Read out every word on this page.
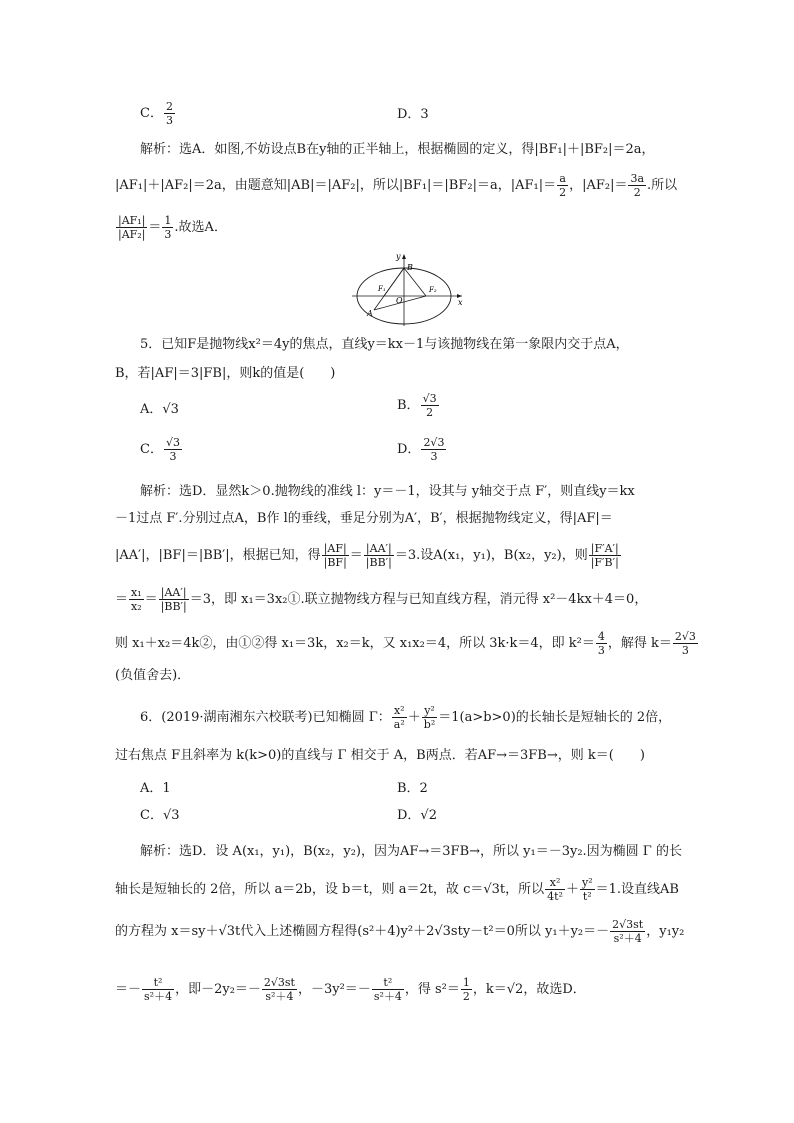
C． $\frac{2}{3}$	D．3
解析：选A．如图,不妨设点B在y轴的正半轴上，根据椭圆的定义，得|BF₁|＋|BF₂|＝2a，
|AF₁|＋|AF₂|＝2a，由题意知|AB|＝|AF₂|，所以|BF₁|＝|BF₂|＝a，$|AF_1|= \frac{a}{2}$ ，$|AF_2|= \frac{3a}{2}$ .所以
$\frac{\text{|AF₁|}}{\text{|AF₂|}} = \frac{1}{3}$ .故选A．
y
x
B
F₁	F₂
O
A
5．已知F是抛物线x²＝4y的焦点，直线y＝kx－1与该抛物线在第一象限内交于点A，
B，若|AF|＝3|FB|，则k的值是(　　)
A．√3	B． $\frac{√3}{2}$
C． $\frac{√3}{3}$	D． $\frac{2√3}{3}$
解析：选D．显然k＞0.抛物线的准线 l：y＝－1，设其与 y轴交于点 F′，则直线y＝kx
－1过点 F′.分别过点A，B作 l的垂线，垂足分别为A′，B′，根据抛物线定义，得|AF|＝
|AA′|，|BF|＝|BB′|，根据已知，得 $\frac{|AF|}{|BF|} = \frac{|AA'|}{|BB'|} =3$.设A(x₁，y₁)，B(x₂，y₂)，则 $\frac{|F'A'|}{|F'B'|}$
＝ $\frac{\text{x₁}}{\text{x₂}} = \frac{|AA'|}{|BB'|} =3$，即 x₁＝3x₂①.联立抛物线方程与已知直线方程，消元得 x²－4kx＋4＝0，
则 x₁＋x₂＝4k②，由①②得 x₁＝3k，x₂＝k，又 x₁x₂＝4，所以 3k·k＝4，即 $k^2= \frac{4}{3}$ ，解得 $k= \frac{2√3}{3}$
(负值舍去)．
6．(2019·湖南湘东六校联考)已知椭圆 Γ： $\frac{\text{x²}}{\text{a²}} + \frac{\text{y²}}{\text{b²}} =1(a>b>0)$的长轴长是短轴长的 2倍，
过右焦点 F且斜率为 k(k>0)的直线与 Γ 相交于 A，B两点．若AF→＝3FB→，则 k＝(　　)
A．1	B．2
C．√3	D．√2
解析：选D．设 A(x₁，y₁)，B(x₂，y₂)，因为AF→＝3FB→，所以 y₁＝－3y₂.因为椭圆 Γ 的长
轴长是短轴长的 2倍，所以 a＝2b，设 b＝t，则 a＝2t，故 c＝√3t，所以 $\frac{\text{x²}}{\text{4t²}} + \frac{\text{y²}}{\text{t²}} =1$.设直线AB
的方程为 x＝sy＋√3t代入上述椭圆方程得(s²＋4)y²＋2√3sty－t²＝0所以 $y_1+y_2=- \frac{2√3st}{\text{s²＋4}}$ ，y₁y₂
＝－ $\frac{\text{t²}}{\text{s²＋4}}$ ，即$-2y_2=- \frac{2√3st}{\text{s²＋4}}$ ，$-3y^2=- \frac{\text{t²}}{\text{s²＋4}}$ ，得 $s^2= \frac{1}{2}$ ，k＝√2，故选D．
